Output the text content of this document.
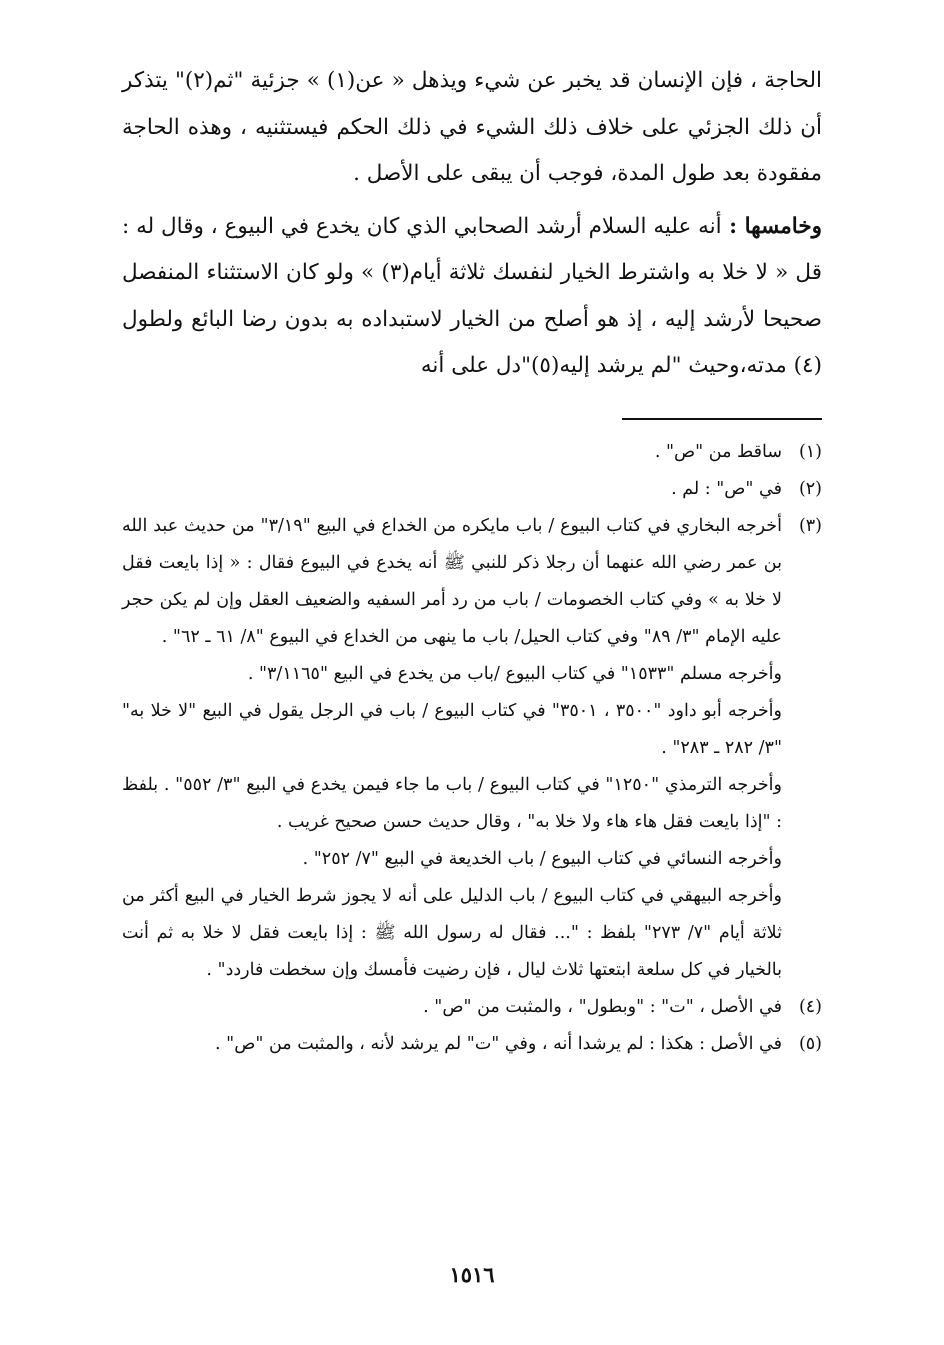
الحاجة ، فإن الإنسان قد يخبر عن شيء ويذهل « عن(١) » جزئية "ثم(٢)" يتذكر أن ذلك الجزئي على خلاف ذلك الشيء في ذلك الحكم فيستثنيه ، وهذه الحاجة مفقودة بعد طول المدة، فوجب أن يبقى على الأصل .

وخامسها : أنه عليه السلام أرشد الصحابي الذي كان يخدع في البيوع ، وقال له : قل « لا خلا به واشترط الخيار لنفسك ثلاثة أيام(٣) » ولو كان الاستثناء المنفصل صحيحا لأرشد إليه ، إذ هو أصلح من الخيار لاستبداده به بدون رضا البائع ولطول (٤) مدته،وحيث "لم يرشد إليه(٥)"دل على أنه

(١)

ساقط من "ص" .

(٢)

في "ص" : لم .

(٣)

أخرجه البخاري في كتاب البيوع / باب مايكره من الخداع في البيع "٣/١٩" من حديث عبد الله بن عمر رضي الله عنهما أن رجلا ذكر للنبي ﷺ أنه يخدع في البيوع فقال : « إذا بايعت فقل لا خلا به » وفي كتاب الخصومات / باب من رد أمر السفيه والضعيف العقل وإن لم يكن حجر عليه الإمام "٣/ ٨٩" وفي كتاب الحيل/ باب ما ينهى من الخداع في البيوع "٨/ ٦١ ـ ٦٢" .

وأخرجه مسلم "١٥٣٣" في كتاب البيوع /باب من يخدع في البيع "٣/١١٦٥" .

وأخرجه أبو داود "٣٥٠٠ ، ٣٥٠١" في كتاب البيوع / باب في الرجل يقول في البيع "لا خلا به" "٣/ ٢٨٢ ـ ٢٨٣" .

وأخرجه الترمذي "١٢٥٠" في كتاب البيوع / باب ما جاء فيمن يخدع في البيع "٣/ ٥٥٢" . بلفظ : "إذا بايعت فقل هاء هاء ولا خلا به" ، وقال حديث حسن صحيح غريب .

وأخرجه النسائي في كتاب البيوع / باب الخديعة في البيع "٧/ ٢٥٢" .

وأخرجه البيهقي في كتاب البيوع / باب الدليل على أنه لا يجوز شرط الخيار في البيع أكثر من ثلاثة أيام "٧/ ٢٧٣" بلفظ : "... فقال له رسول الله ﷺ : إذا بايعت فقل لا خلا به ثم أنت بالخيار في كل سلعة ابتعتها ثلاث ليال ، فإن رضيت فأمسك وإن سخطت فاردد" .

(٤)

في الأصل ، "ت" : "وبطول" ، والمثبت من "ص" .

(٥)

في الأصل : هكذا : لم يرشدا أنه ، وفي "ت" لم يرشد لأنه ، والمثبت من "ص" .

١٥١٦
